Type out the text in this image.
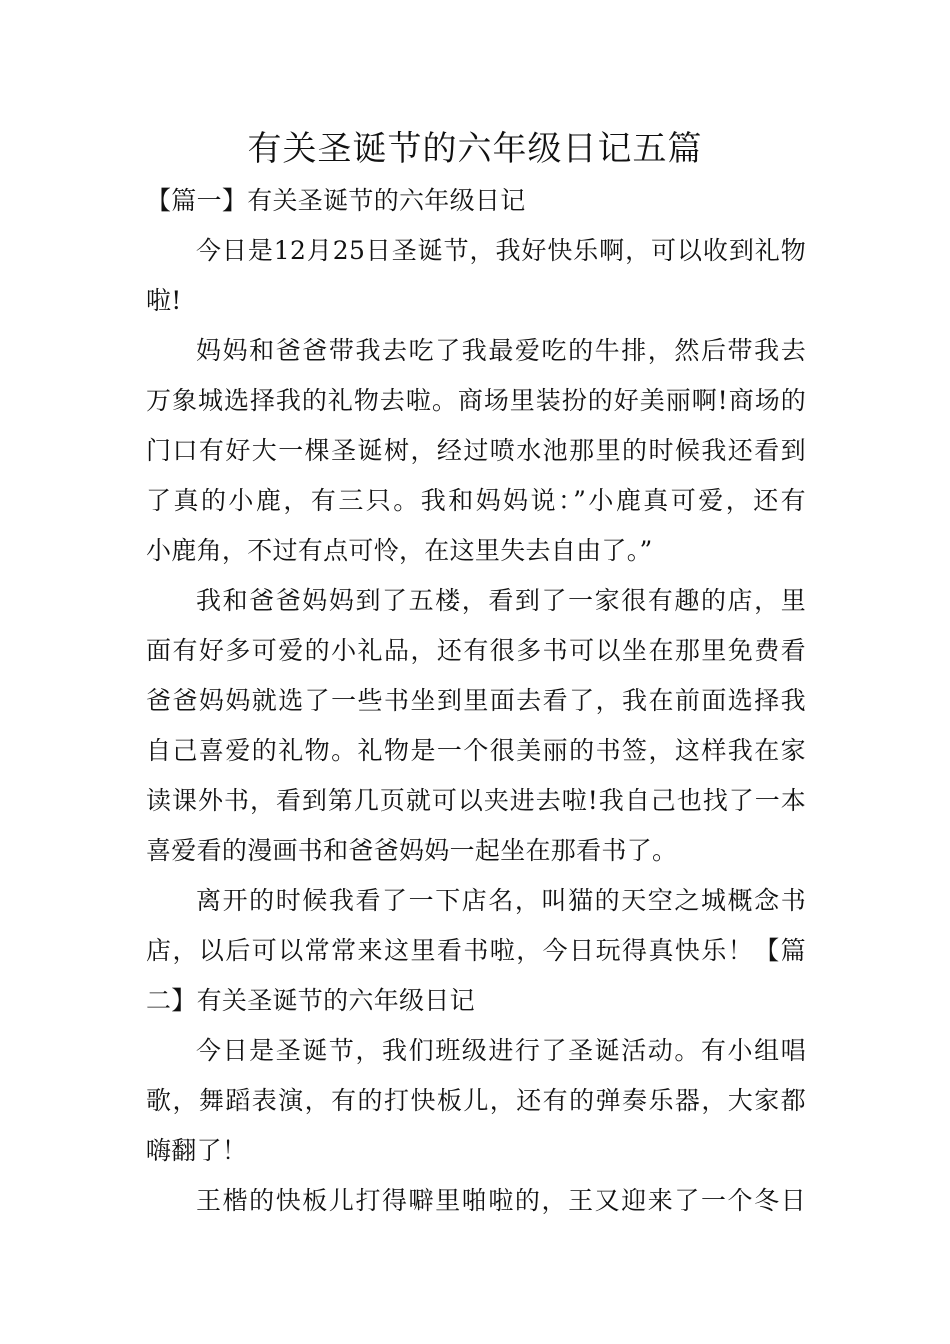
有关圣诞节的六年级日记五篇

【篇一】有关圣诞节的六年级日记

今日是12月25日圣诞节，我好快乐啊，可以收到礼物

啦!

妈妈和爸爸带我去吃了我最爱吃的牛排，然后带我去

万象城选择我的礼物去啦。商场里装扮的好美丽啊!商场的

门口有好大一棵圣诞树，经过喷水池那里的时候我还看到

了真的小鹿，有三只。我和妈妈说：”小鹿真可爱，还有

小鹿角，不过有点可怜，在这里失去自由了。”

我和爸爸妈妈到了五楼，看到了一家很有趣的店，里

面有好多可爱的小礼品，还有很多书可以坐在那里免费看

爸爸妈妈就选了一些书坐到里面去看了，我在前面选择我

自己喜爱的礼物。礼物是一个很美丽的书签，这样我在家

读课外书，看到第几页就可以夹进去啦!我自己也找了一本

喜爱看的漫画书和爸爸妈妈一起坐在那看书了。

离开的时候我看了一下店名，叫猫的天空之城概念书

店，以后可以常常来这里看书啦，今日玩得真快乐！【篇

二】有关圣诞节的六年级日记

今日是圣诞节，我们班级进行了圣诞活动。有小组唱

歌，舞蹈表演，有的打快板儿，还有的弹奏乐器，大家都

嗨翻了！

王楷的快板儿打得噼里啪啦的，王又迎来了一个冬日
